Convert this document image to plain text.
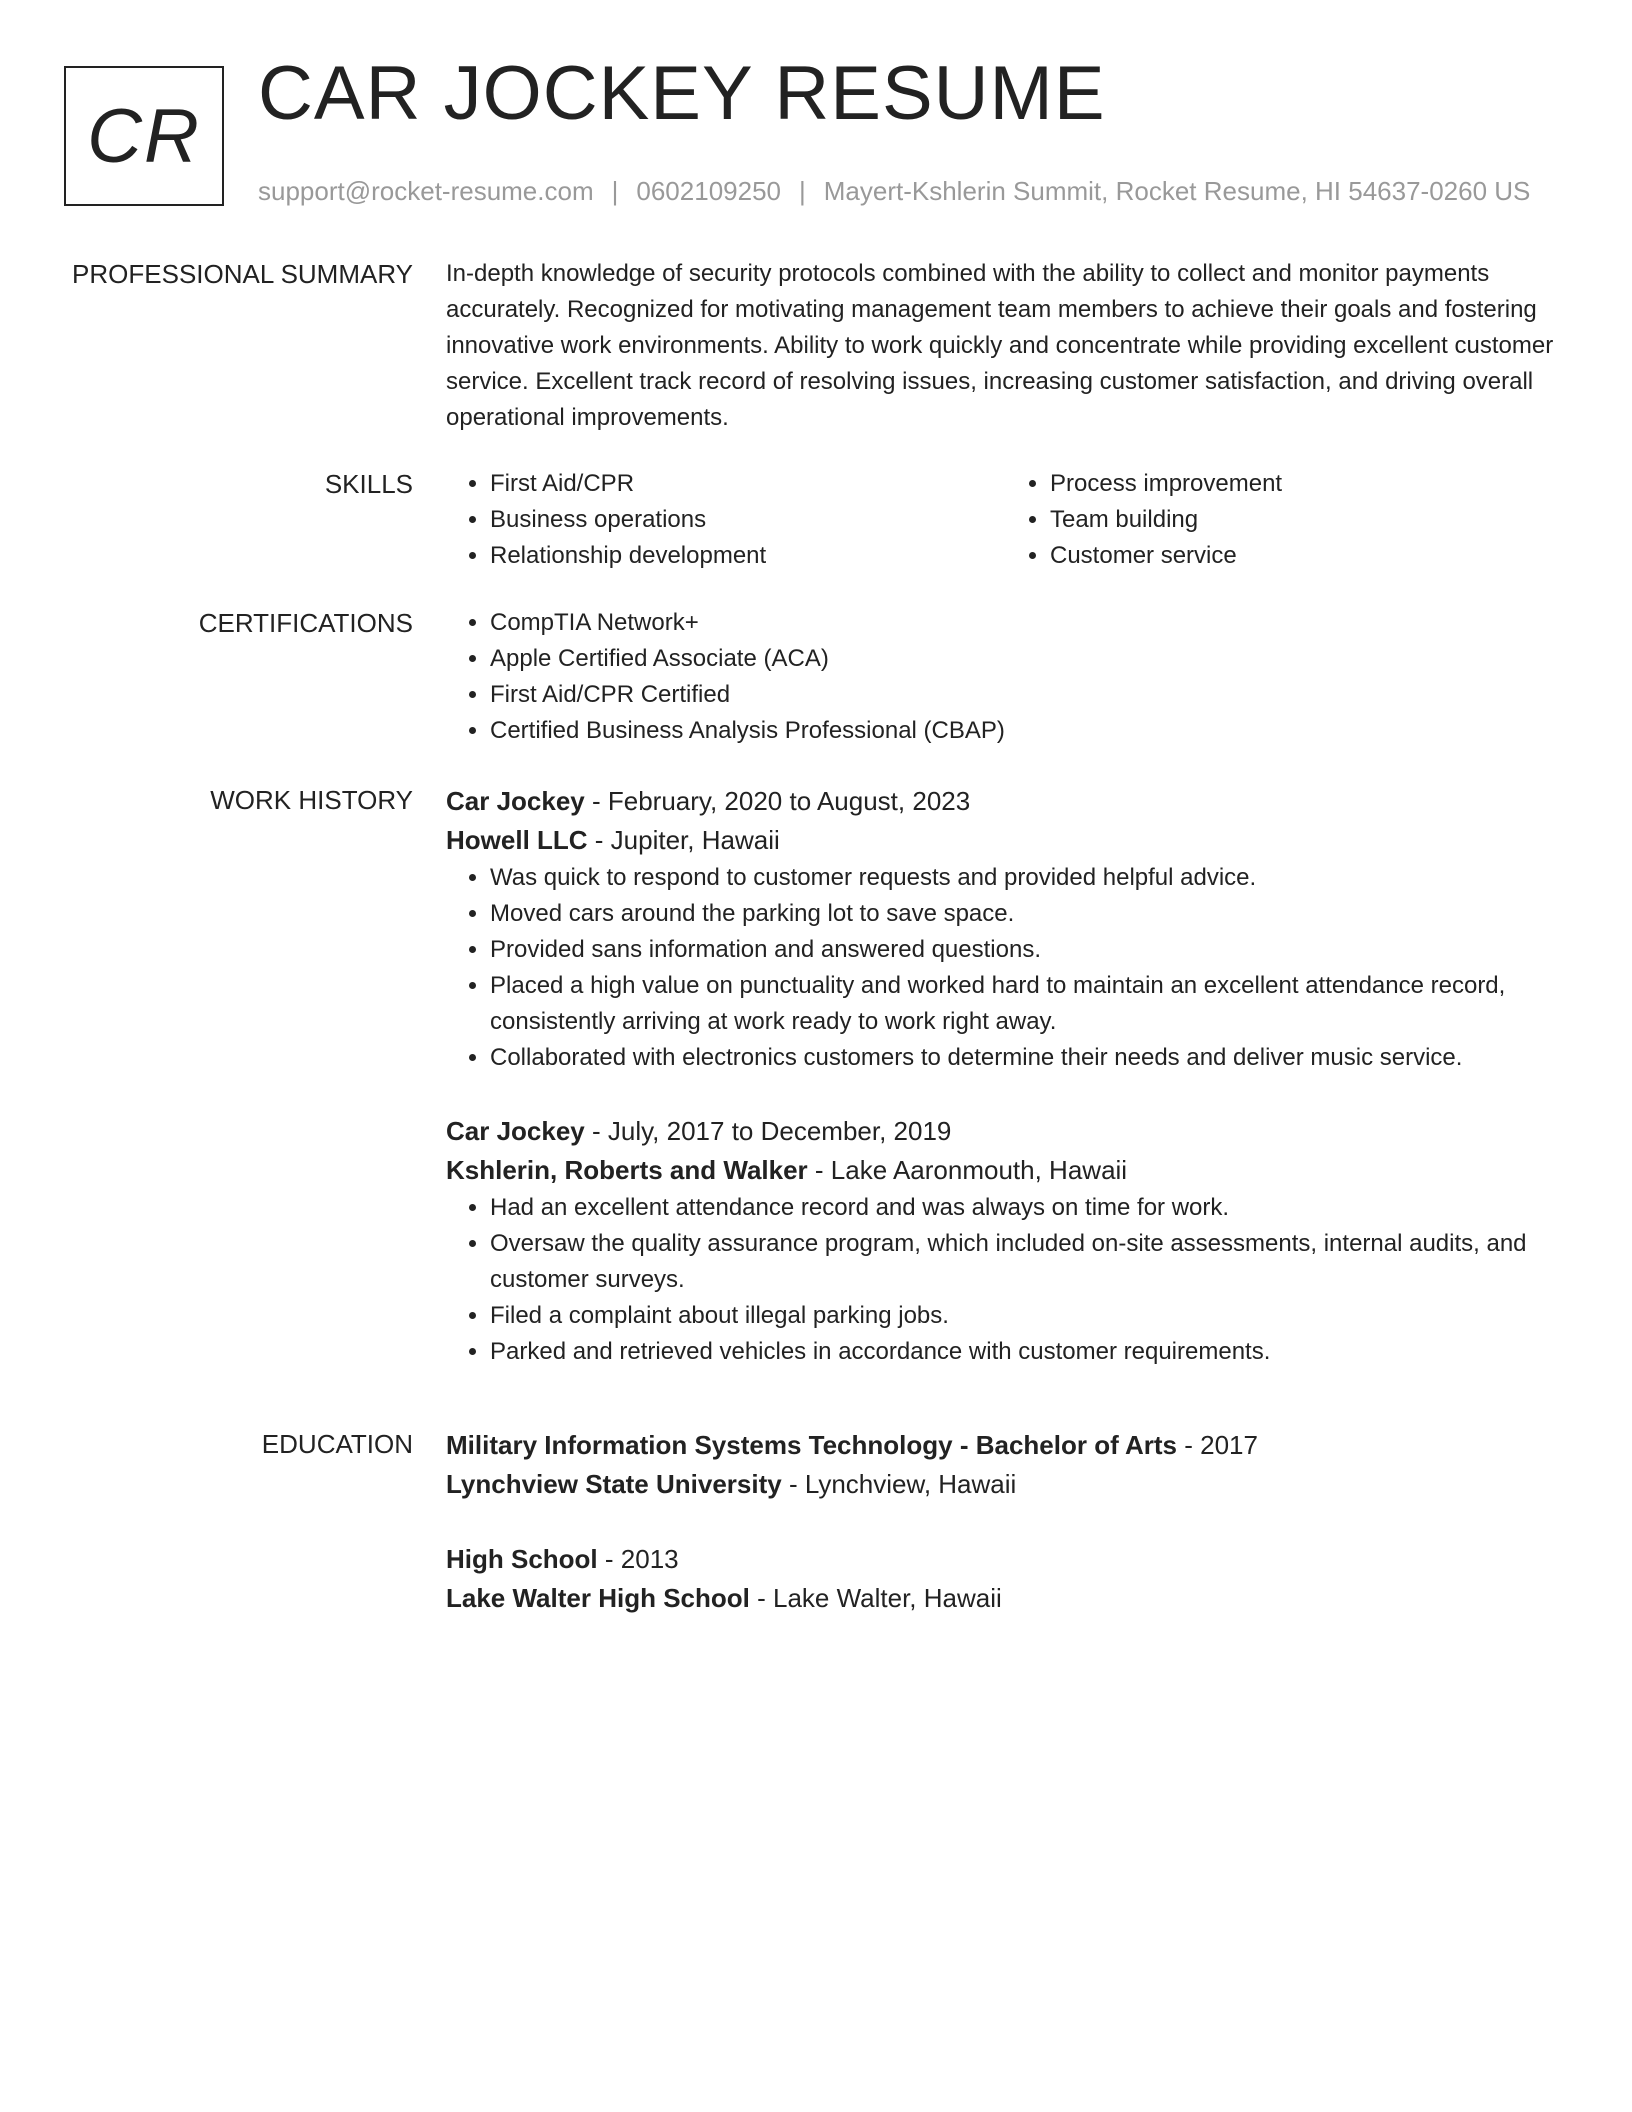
CR CAR JOCKEY RESUME
support@rocket-resume.com | 0602109250 | Mayert-Kshlerin Summit, Rocket Resume, HI 54637-0260 US
PROFESSIONAL SUMMARY In-depth knowledge of security protocols combined with the ability to collect and monitor payments accurately. Recognized for motivating management team members to achieve their goals and fostering innovative work environments. Ability to work quickly and concentrate while providing excellent customer service. Excellent track record of resolving issues, increasing customer satisfaction, and driving overall operational improvements.
SKILLS	• First Aid/CPR
• Business operations
• Relationship development
• Process improvement
• Team building
• Customer service
CERTIFICATIONS	• CompTIA Network+
• Apple Certified Associate (ACA)
• First Aid/CPR Certified
• Certified Business Analysis Professional (CBAP)
WORK HISTORY Car Jockey - February, 2020 to August, 2023
Howell LLC - Jupiter, Hawaii
• Was quick to respond to customer requests and provided helpful advice.
• Moved cars around the parking lot to save space.
• Provided sans information and answered questions.
• Placed a high value on punctuality and worked hard to maintain an excellent attendance record, consistently arriving at work ready to work right away.
• Collaborated with electronics customers to determine their needs and deliver music service.
Car Jockey - July, 2017 to December, 2019
Kshlerin, Roberts and Walker - Lake Aaronmouth, Hawaii
• Had an excellent attendance record and was always on time for work.
• Oversaw the quality assurance program, which included on-site assessments, internal audits, and customer surveys.
• Filed a complaint about illegal parking jobs.
• Parked and retrieved vehicles in accordance with customer requirements.
EDUCATION Military Information Systems Technology - Bachelor of Arts - 2017
Lynchview State University - Lynchview, Hawaii
High School - 2013
Lake Walter High School - Lake Walter, Hawaii
